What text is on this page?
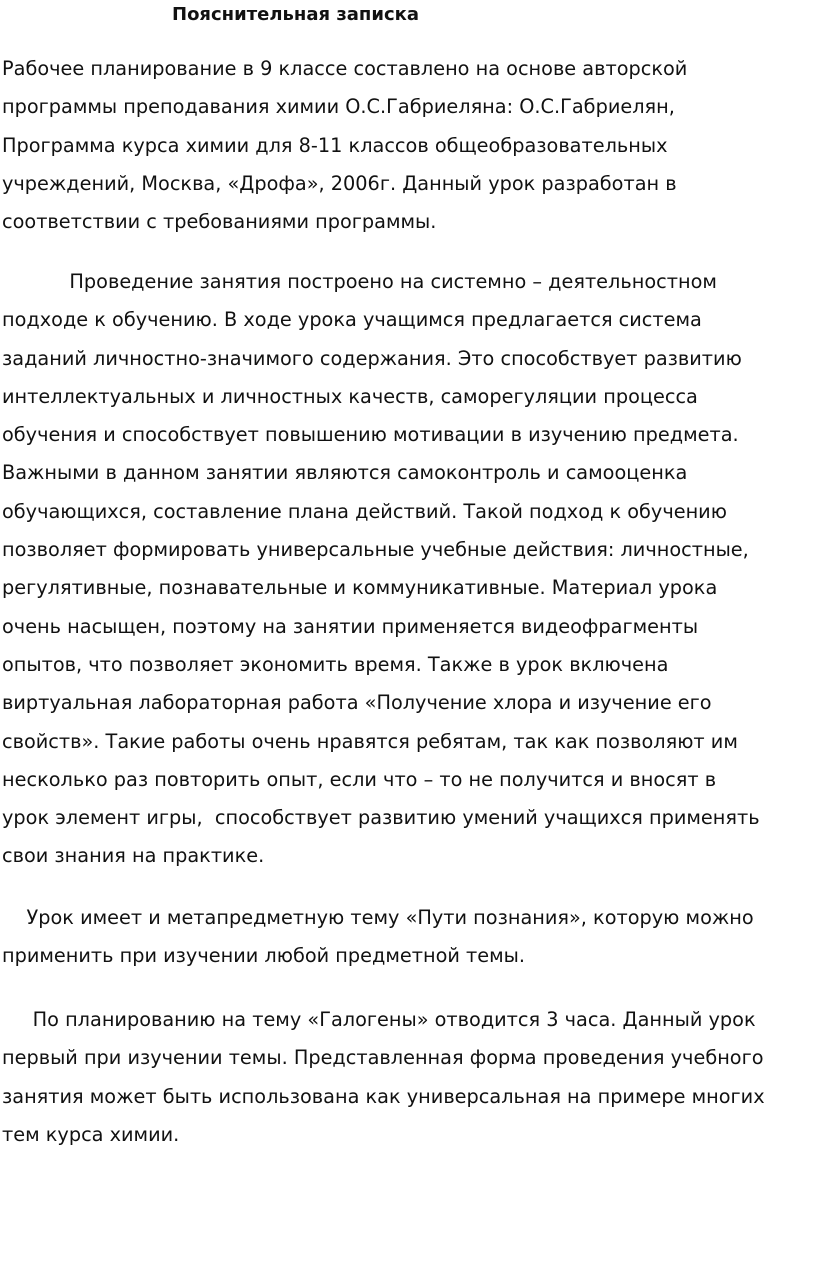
Пояснительная записка

Рабочее планирование в 9 классе составлено на основе авторской
программы преподавания химии О.С.Габриеляна: О.С.Габриелян,
Программа курса химии для 8-11 классов общеобразовательных
учреждений, Москва, «Дрофа», 2006г. Данный урок разработан в
соответствии с требованиями программы.

Проведение занятия построено на системно – деятельностном
подходе к обучению. В ходе урока учащимся предлагается система
заданий личностно-значимого содержания. Это способствует развитию
интеллектуальных и личностных качеств, саморегуляции процесса
обучения и способствует повышению мотивации в изучению предмета.
Важными в данном занятии являются самоконтроль и самооценка
обучающихся, составление плана действий. Такой подход к обучению
позволяет формировать универсальные учебные действия: личностные,
регулятивные, познавательные и коммуникативные. Материал урока
очень насыщен, поэтому на занятии применяется видеофрагменты
опытов, что позволяет экономить время. Также в урок включена
виртуальная лабораторная работа «Получение хлора и изучение его
свойств». Такие работы очень нравятся ребятам, так как позволяют им
несколько раз повторить опыт, если что – то не получится и вносят в
урок элемент игры,  способствует развитию умений учащихся применять
свои знания на практике.

Урок имеет и метапредметную тему «Пути познания», которую можно
применить при изучении любой предметной темы.

По планированию на тему «Галогены» отводится 3 часа. Данный урок
первый при изучении темы. Представленная форма проведения учебного
занятия может быть использована как универсальная на примере многих
тем курса химии.
